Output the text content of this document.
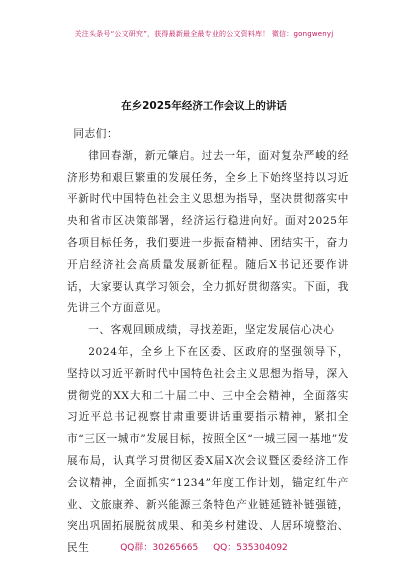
关注头条号“公文研究”，获得最新最全最专业的公文资料库！ 微信：gongwenyj
在乡2025年经济工作会议上的讲话

同志们：

律回春渐，新元肇启。过去一年，面对复杂严峻的经济形势和艰巨繁重的发展任务，全乡上下始终坚持以习近平新时代中国特色社会主义思想为指导，坚决贯彻落实中央和省市区决策部署，经济运行稳进向好。面对2025年各项目标任务，我们要进一步振奋精神、团结实干，奋力开启经济社会高质量发展新征程。随后X书记还要作讲话，大家要认真学习领会，全力抓好贯彻落实。下面，我先讲三个方面意见。

一、客观回顾成绩，寻找差距，坚定发展信心决心

2024年，全乡上下在区委、区政府的坚强领导下，坚持以习近平新时代中国特色社会主义思想为指导，深入贯彻党的XX大和二十届二中、三中全会精神，全面落实习近平总书记视察甘肃重要讲话重要指示精神，紧扣全市“三区一城市”发展目标，按照全区“一城三园一基地”发展布局，认真学习贯彻区委X届X次会议暨区委经济工作会议精神，全面抓实“1234”年度工作计划，锚定红牛产业、文旅康养、新兴能源三条特色产业链延链补链强链，突出巩固拓展脱贫成果、和美乡村建设、人居环境整治、民生	QQ群：30265665 QQ：535304092
